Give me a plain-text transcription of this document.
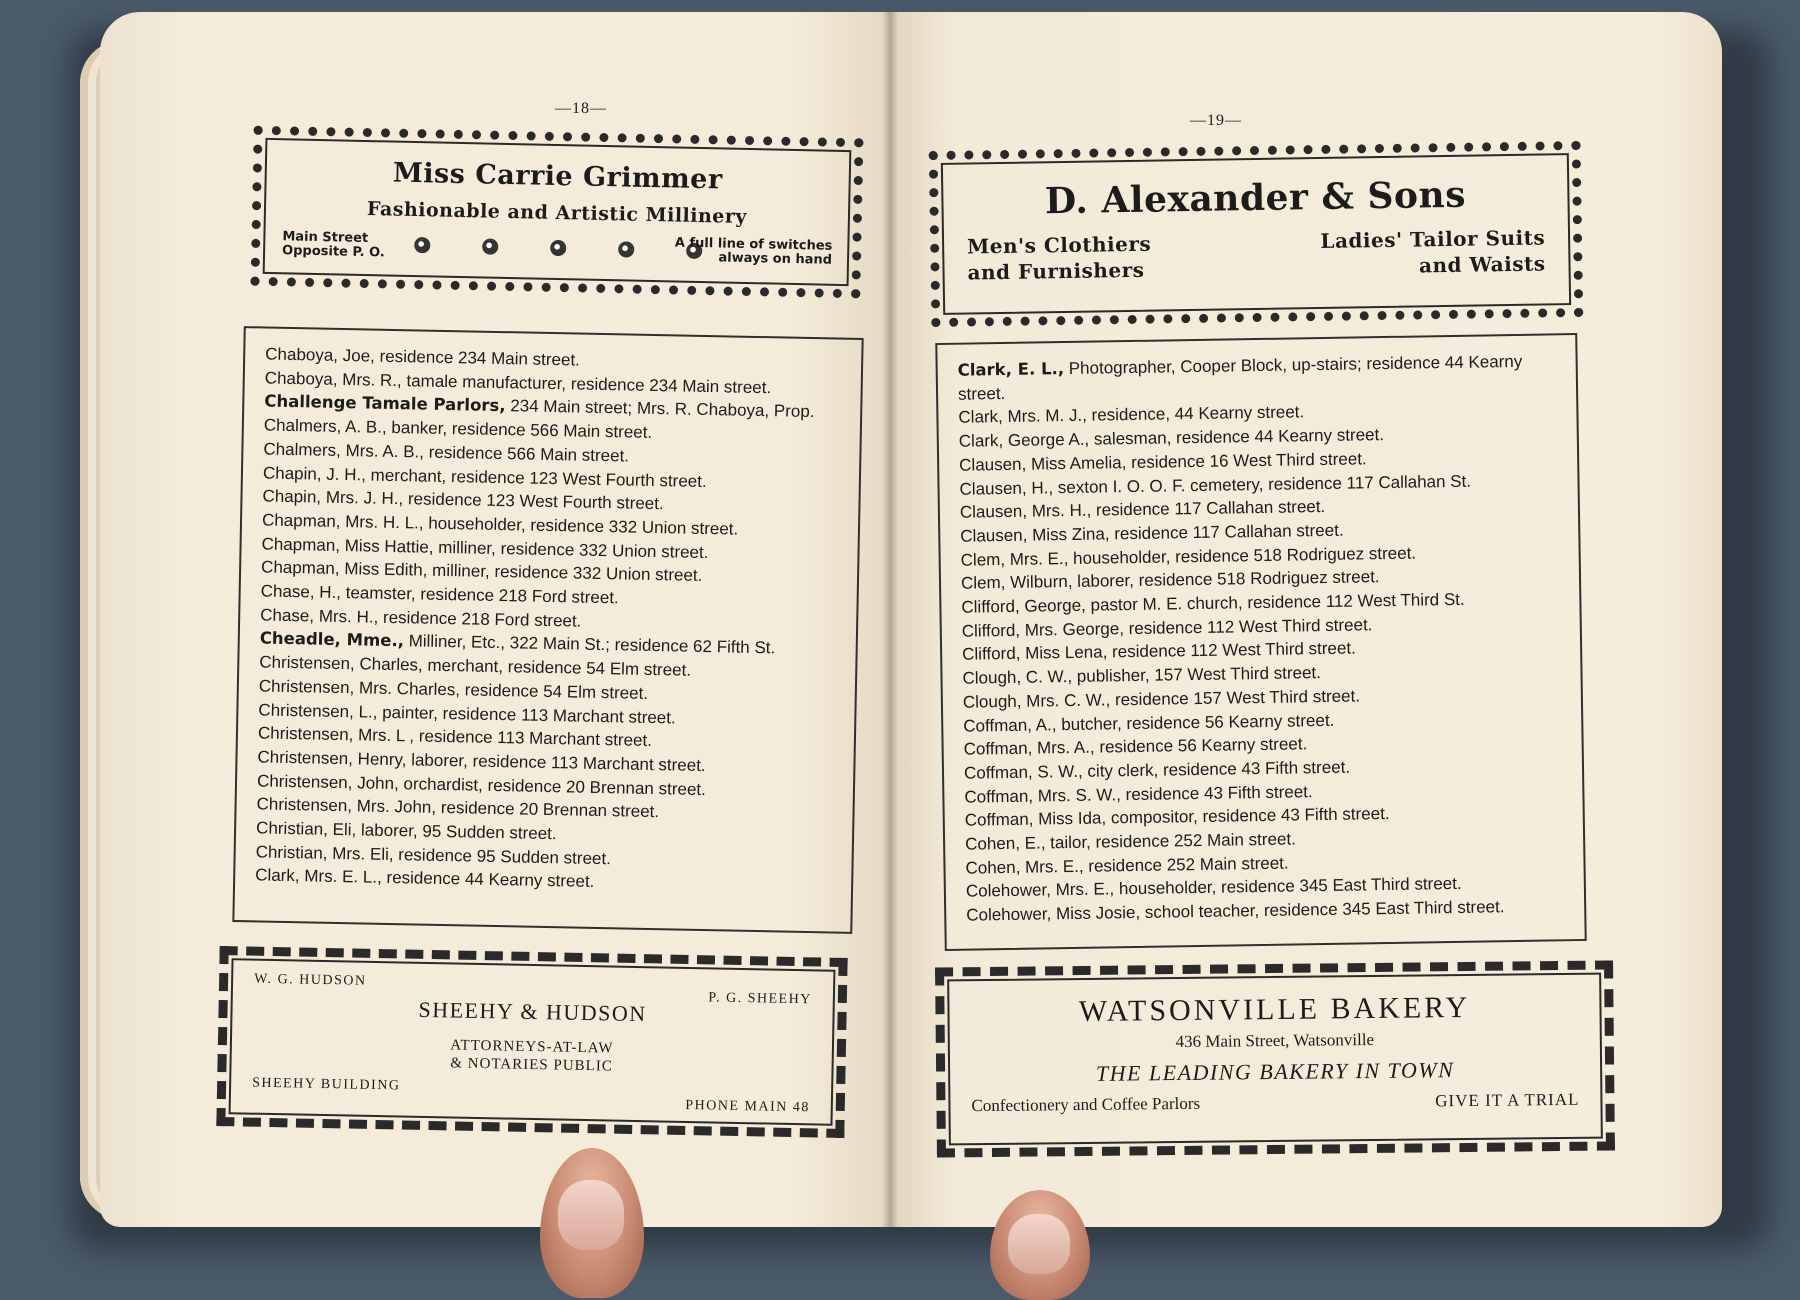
—18—
Miss Carrie Grimmer
Fashionable and Artistic Millinery
Main Street
Opposite P. O.	A full line of switches
always on hand
Chaboya, Joe, residence 234 Main street.
Chaboya, Mrs. R., tamale manufacturer, residence 234 Main street.
Challenge Tamale Parlors, 234 Main street; Mrs. R. Chaboya, Prop.
Chalmers, A. B., banker, residence 566 Main street.
Chalmers, Mrs. A. B., residence 566 Main street.
Chapin, J. H., merchant, residence 123 West Fourth street.
Chapin, Mrs. J. H., residence 123 West Fourth street.
Chapman, Mrs. H. L., householder, residence 332 Union street.
Chapman, Miss Hattie, milliner, residence 332 Union street.
Chapman, Miss Edith, milliner, residence 332 Union street.
Chase, H., teamster, residence 218 Ford street.
Chase, Mrs. H., residence 218 Ford street.
Cheadle, Mme., Milliner, Etc., 322 Main St.; residence 62 Fifth St.
Christensen, Charles, merchant, residence 54 Elm street.
Christensen, Mrs. Charles, residence 54 Elm street.
Christensen, L., painter, residence 113 Marchant street.
Christensen, Mrs. L , residence 113 Marchant street.
Christensen, Henry, laborer, residence 113 Marchant street.
Christensen, John, orchardist, residence 20 Brennan street.
Christensen, Mrs. John, residence 20 Brennan street.
Christian, Eli, laborer, 95 Sudden street.
Christian, Mrs. Eli, residence 95 Sudden street.
Clark, Mrs. E. L., residence 44 Kearny street.
W. G. HUDSON
P. G. SHEEHY
SHEEHY & HUDSON
ATTORNEYS-AT-LAW
& NOTARIES PUBLIC
SHEEHY BUILDING
PHONE MAIN 48
—19—
D. Alexander & Sons
Men's Clothiers
and Furnishers
Ladies' Tailor Suits
and Waists
Clark, E. L., Photographer, Cooper Block, up-stairs; residence 44 Kearny street.
Clark, Mrs. M. J., residence, 44 Kearny street.
Clark, George A., salesman, residence 44 Kearny street.
Clausen, Miss Amelia, residence 16 West Third street.
Clausen, H., sexton I. O. O. F. cemetery, residence 117 Callahan St.
Clausen, Mrs. H., residence 117 Callahan street.
Clausen, Miss Zina, residence 117 Callahan street.
Clem, Mrs. E., householder, residence 518 Rodriguez street.
Clem, Wilburn, laborer, residence 518 Rodriguez street.
Clifford, George, pastor M. E. church, residence 112 West Third St.
Clifford, Mrs. George, residence 112 West Third street.
Clifford, Miss Lena, residence 112 West Third street.
Clough, C. W., publisher, 157 West Third street.
Clough, Mrs. C. W., residence 157 West Third street.
Coffman, A., butcher, residence 56 Kearny street.
Coffman, Mrs. A., residence 56 Kearny street.
Coffman, S. W., city clerk, residence 43 Fifth street.
Coffman, Mrs. S. W., residence 43 Fifth street.
Coffman, Miss Ida, compositor, residence 43 Fifth street.
Cohen, E., tailor, residence 252 Main street.
Cohen, Mrs. E., residence 252 Main street.
Colehower, Mrs. E., householder, residence 345 East Third street.
Colehower, Miss Josie, school teacher, residence 345 East Third street.
WATSONVILLE BAKERY
436 Main Street, Watsonville
THE LEADING BAKERY IN TOWN
Confectionery and Coffee Parlors	GIVE IT A TRIAL
